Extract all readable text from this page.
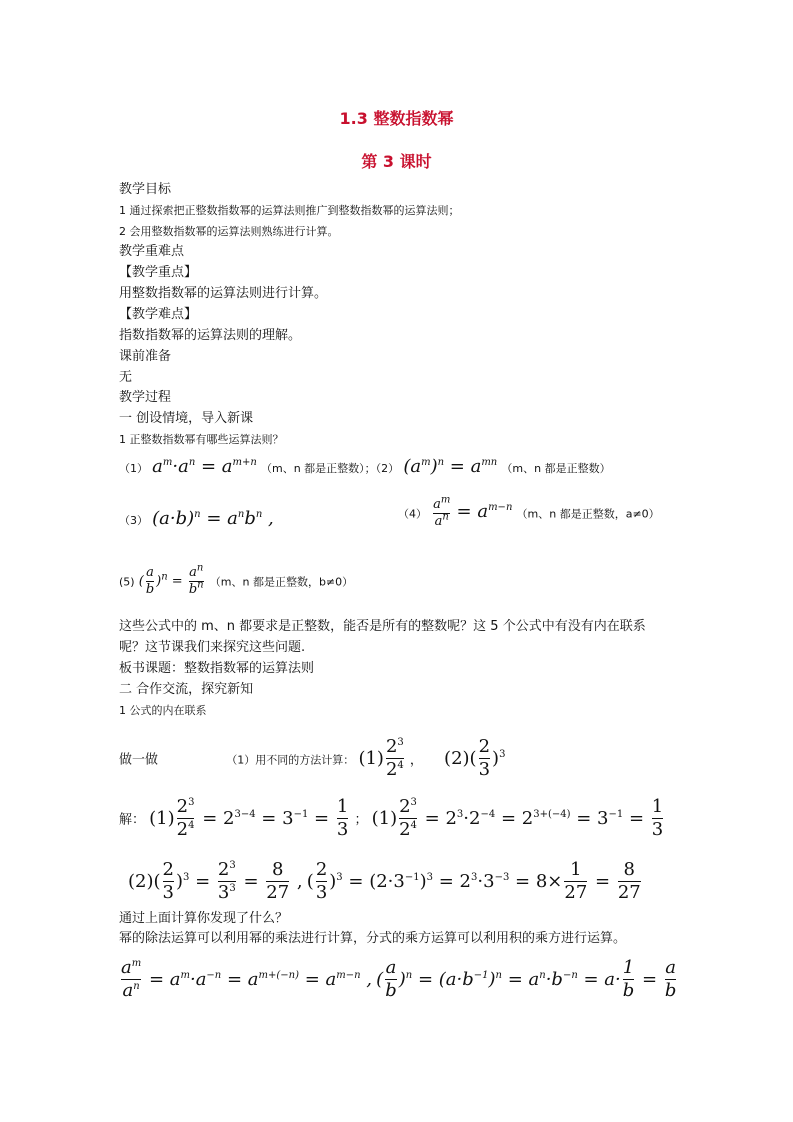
1.3 整数指数幂
第 3 课时
教学目标
1 通过探索把正整数指数幂的运算法则推广到整数指数幂的运算法则；
2 会用整数指数幂的运算法则熟练进行计算。
教学重难点
【教学重点】
用整数指数幂的运算法则进行计算。
【教学难点】
指数指数幂的运算法则的理解。
课前准备
无
教学过程
一 创设情境，导入新课
1 正整数指数幂有哪些运算法则？
（1） $a^m\cdot a^n = a^{m+n}$ （m、n 都是正整数）；（2） $(a^m)^n = a^{mn}$ （m、n 都是正整数）
（3） $(a\cdot b)^n = a^nb^n$ ,	$(4) \frac{a^m}{a^n} = a^{m-n}$ （m、n 都是正整数，a≠0）
(5) ( $\frac{a}{b} )^n = \frac{a^n}{b^n} (m$、n 都是正整数，b≠0）
这些公式中的 m、n 都要求是正整数，能否是所有的整数呢？这 5 个公式中有没有内在联系
呢？这节课我们来探究这些问题.
板书课题：整数指数幂的运算法则
二 合作交流，探究新知
1 公式的内在联系
做一做	（1）用不同的方法计算： $(1) \frac{2^3}{2^4}$ ， $(2)( \frac{2}{3} )^3$
解： $(1) \frac{2^3}{2^4} = 2^{3-4} = 3^{-1} = \frac{1}{3}$ ； $(1) \frac{2^3}{2^4} = 2^3\cdot 2^{-4} = 2^{3+(-4)} = 3^{-1} = \frac{1}{3}$
$(2)( \frac{2}{3} )^3 = \frac{2^3}{3^3} = \frac{8}{27}$ , ( $\frac{2}{3} )^3 = (2\cdot 3^{-1})^3 = 2^3\cdot 3^{-3} = 8\times \frac{1}{27} = \frac{8}{27}$
通过上面计算你发现了什么？
幂的除法运算可以利用幂的乘法进行计算，分式的乘方运算可以利用积的乘方进行运算。
$\frac{a^m}{a^n} = a^m\cdot a^{-n} = a^{m+(-n)} = a^{m-n}$ , ( $\frac{a}{b} )^n = (a\cdot b^{-1})^n = a^n\cdot b^{-n} = a\cdot \frac{1}{b} = \frac{a}{b}$
